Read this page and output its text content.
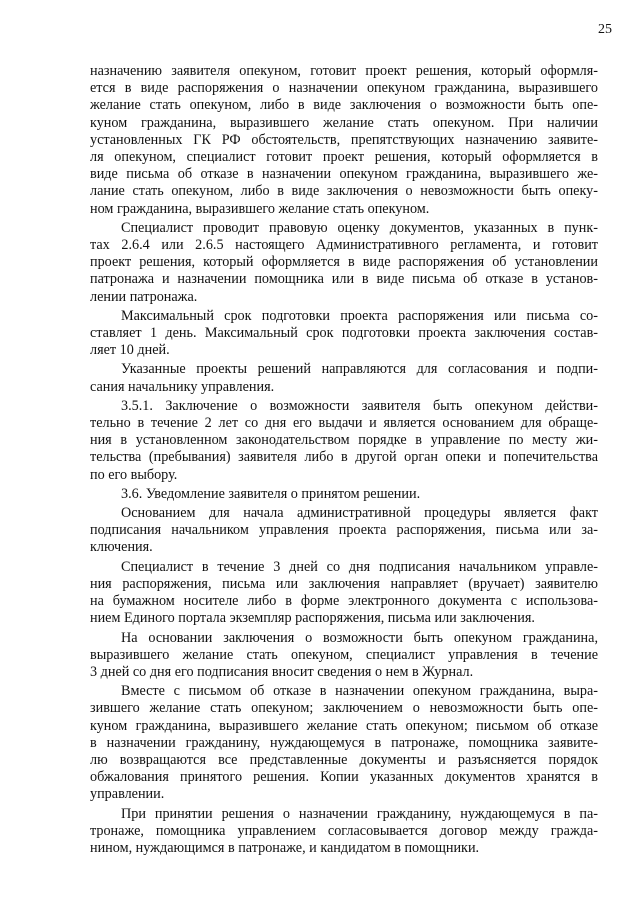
25
назначению заявителя опекуном, готовит проект решения, который оформля-
ется в виде распоряжения о назначении опекуном гражданина, выразившего
желание стать опекуном, либо в виде заключения о возможности быть опе-
куном гражданина, выразившего желание стать опекуном. При наличии
установленных ГК РФ обстоятельств, препятствующих назначению заявите-
ля опекуном, специалист готовит проект решения, который оформляется в
виде письма об отказе в назначении опекуном гражданина, выразившего же-
лание стать опекуном, либо в виде заключения о невозможности быть опеку-
ном гражданина, выразившего желание стать опекуном.
Специалист проводит правовую оценку документов, указанных в пунк-
тах 2.6.4 или 2.6.5 настоящего Административного регламента, и готовит
проект решения, который оформляется в виде распоряжения об установлении
патронажа и назначении помощника или в виде письма об отказе в установ-
лении патронажа.
Максимальный срок подготовки проекта распоряжения или письма со-
ставляет 1 день. Максимальный срок подготовки проекта заключения состав-
ляет 10 дней.
Указанные проекты решений направляются для согласования и подпи-
сания начальнику управления.
3.5.1. Заключение о возможности заявителя быть опекуном действи-
тельно в течение 2 лет со дня его выдачи и является основанием для обраще-
ния в установленном законодательством порядке в управление по месту жи-
тельства (пребывания) заявителя либо в другой орган опеки и попечительства
по его выбору.
3.6. Уведомление заявителя о принятом решении.
Основанием для начала административной процедуры является факт
подписания начальником управления проекта распоряжения, письма или за-
ключения.
Специалист в течение 3 дней со дня подписания начальником управле-
ния распоряжения, письма или заключения направляет (вручает) заявителю
на бумажном носителе либо в форме электронного документа с использова-
нием Единого портала экземпляр распоряжения, письма или заключения.
На основании заключения о возможности быть опекуном гражданина,
выразившего желание стать опекуном, специалист управления в течение
3 дней со дня его подписания вносит сведения о нем в Журнал.
Вместе с письмом об отказе в назначении опекуном гражданина, выра-
зившего желание стать опекуном; заключением о невозможности быть опе-
куном гражданина, выразившего желание стать опекуном; письмом об отказе
в назначении гражданину, нуждающемуся в патронаже, помощника заявите-
лю возвращаются все представленные документы и разъясняется порядок
обжалования принятого решения. Копии указанных документов хранятся в
управлении.
При принятии решения о назначении гражданину, нуждающемуся в па-
тронаже, помощника управлением согласовывается договор между гражда-
нином, нуждающимся в патронаже, и кандидатом в помощники.
